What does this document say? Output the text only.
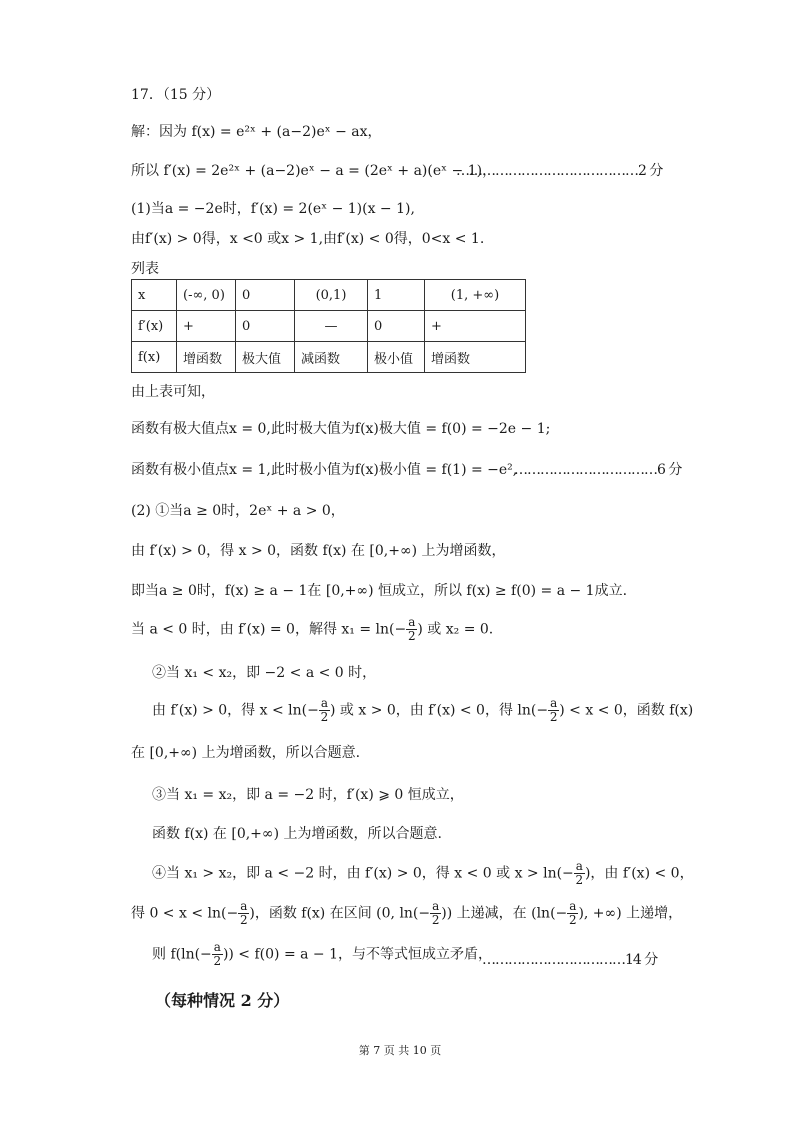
17．（15 分）
解：因为 f(x) = e²ˣ + (a−2)eˣ − ax，
所以 f′(x) = 2e²ˣ + (a−2)eˣ − a = (2eˣ + a)(eˣ − 1)，
……………………………………2 分
(1)当a = −2e时，f′(x) = 2(eˣ − 1)(x − 1),
由f′(x) > 0得，x <0 或x > 1,由f′(x) < 0得，0<x < 1.
列表
x	(-∞, 0)	0	(0,1)	1	(1, +∞)
f′(x)	+	0	—	0	+
f(x)	增函数	极大值	减函数	极小值	增函数
由上表可知，
函数有极大值点x = 0,此时极大值为f(x)极大值 = f(0) = −2e − 1;
函数有极小值点x = 1,此时极小值为f(x)极小值 = f(1) = −e²,
……………………………6 分
(2) ①当a ≥ 0时，2eˣ + a > 0，
由 f′(x) > 0，得 x > 0，函数 f(x) 在 [0,+∞) 上为增函数，
即当a ≥ 0时，f(x) ≥ a − 1在 [0,+∞) 恒成立，所以 f(x) ≥ f(0) = a − 1成立.
当 a < 0 时，由 f′(x) = 0，解得 $x_1 = \ln(- \frac{a}{2}$ ) 或 x₂ = 0.
②当 x₁ < x₂，即 −2 < a < 0 时，
由 f′(x) > 0，得 $x < \ln(- \frac{a}{2}$ ) 或 x > 0，由 f′(x) < 0，得 $\ln(- \frac{a}{2}$ ) < x < 0，函数 f(x)
在 [0,+∞) 上为增函数，所以合题意.
③当 x₁ = x₂，即 a = −2 时，f′(x) ⩾ 0 恒成立，
函数 f(x) 在 [0,+∞) 上为增函数，所以合题意.
④当 x₁ > x₂，即 a < −2 时，由 f′(x) > 0，得 x < 0 或 $x > \ln(- \frac{a}{2}$ )，由 f′(x) < 0，
得 $0 < x < \ln(- \frac{a}{2}$ )，函数 f(x) 在区间 (0, $\ln(- \frac{a}{2}$ )) 上递减，在 ($\ln(- \frac{a}{2}$ ), +∞) 上递增，
则 $f(\ln(- \frac{a}{2}$ )) < f(0) = a − 1，与不等式恒成立矛盾，
……………………………14 分
（每种情况 2 分）
第 7 页 共 10 页
